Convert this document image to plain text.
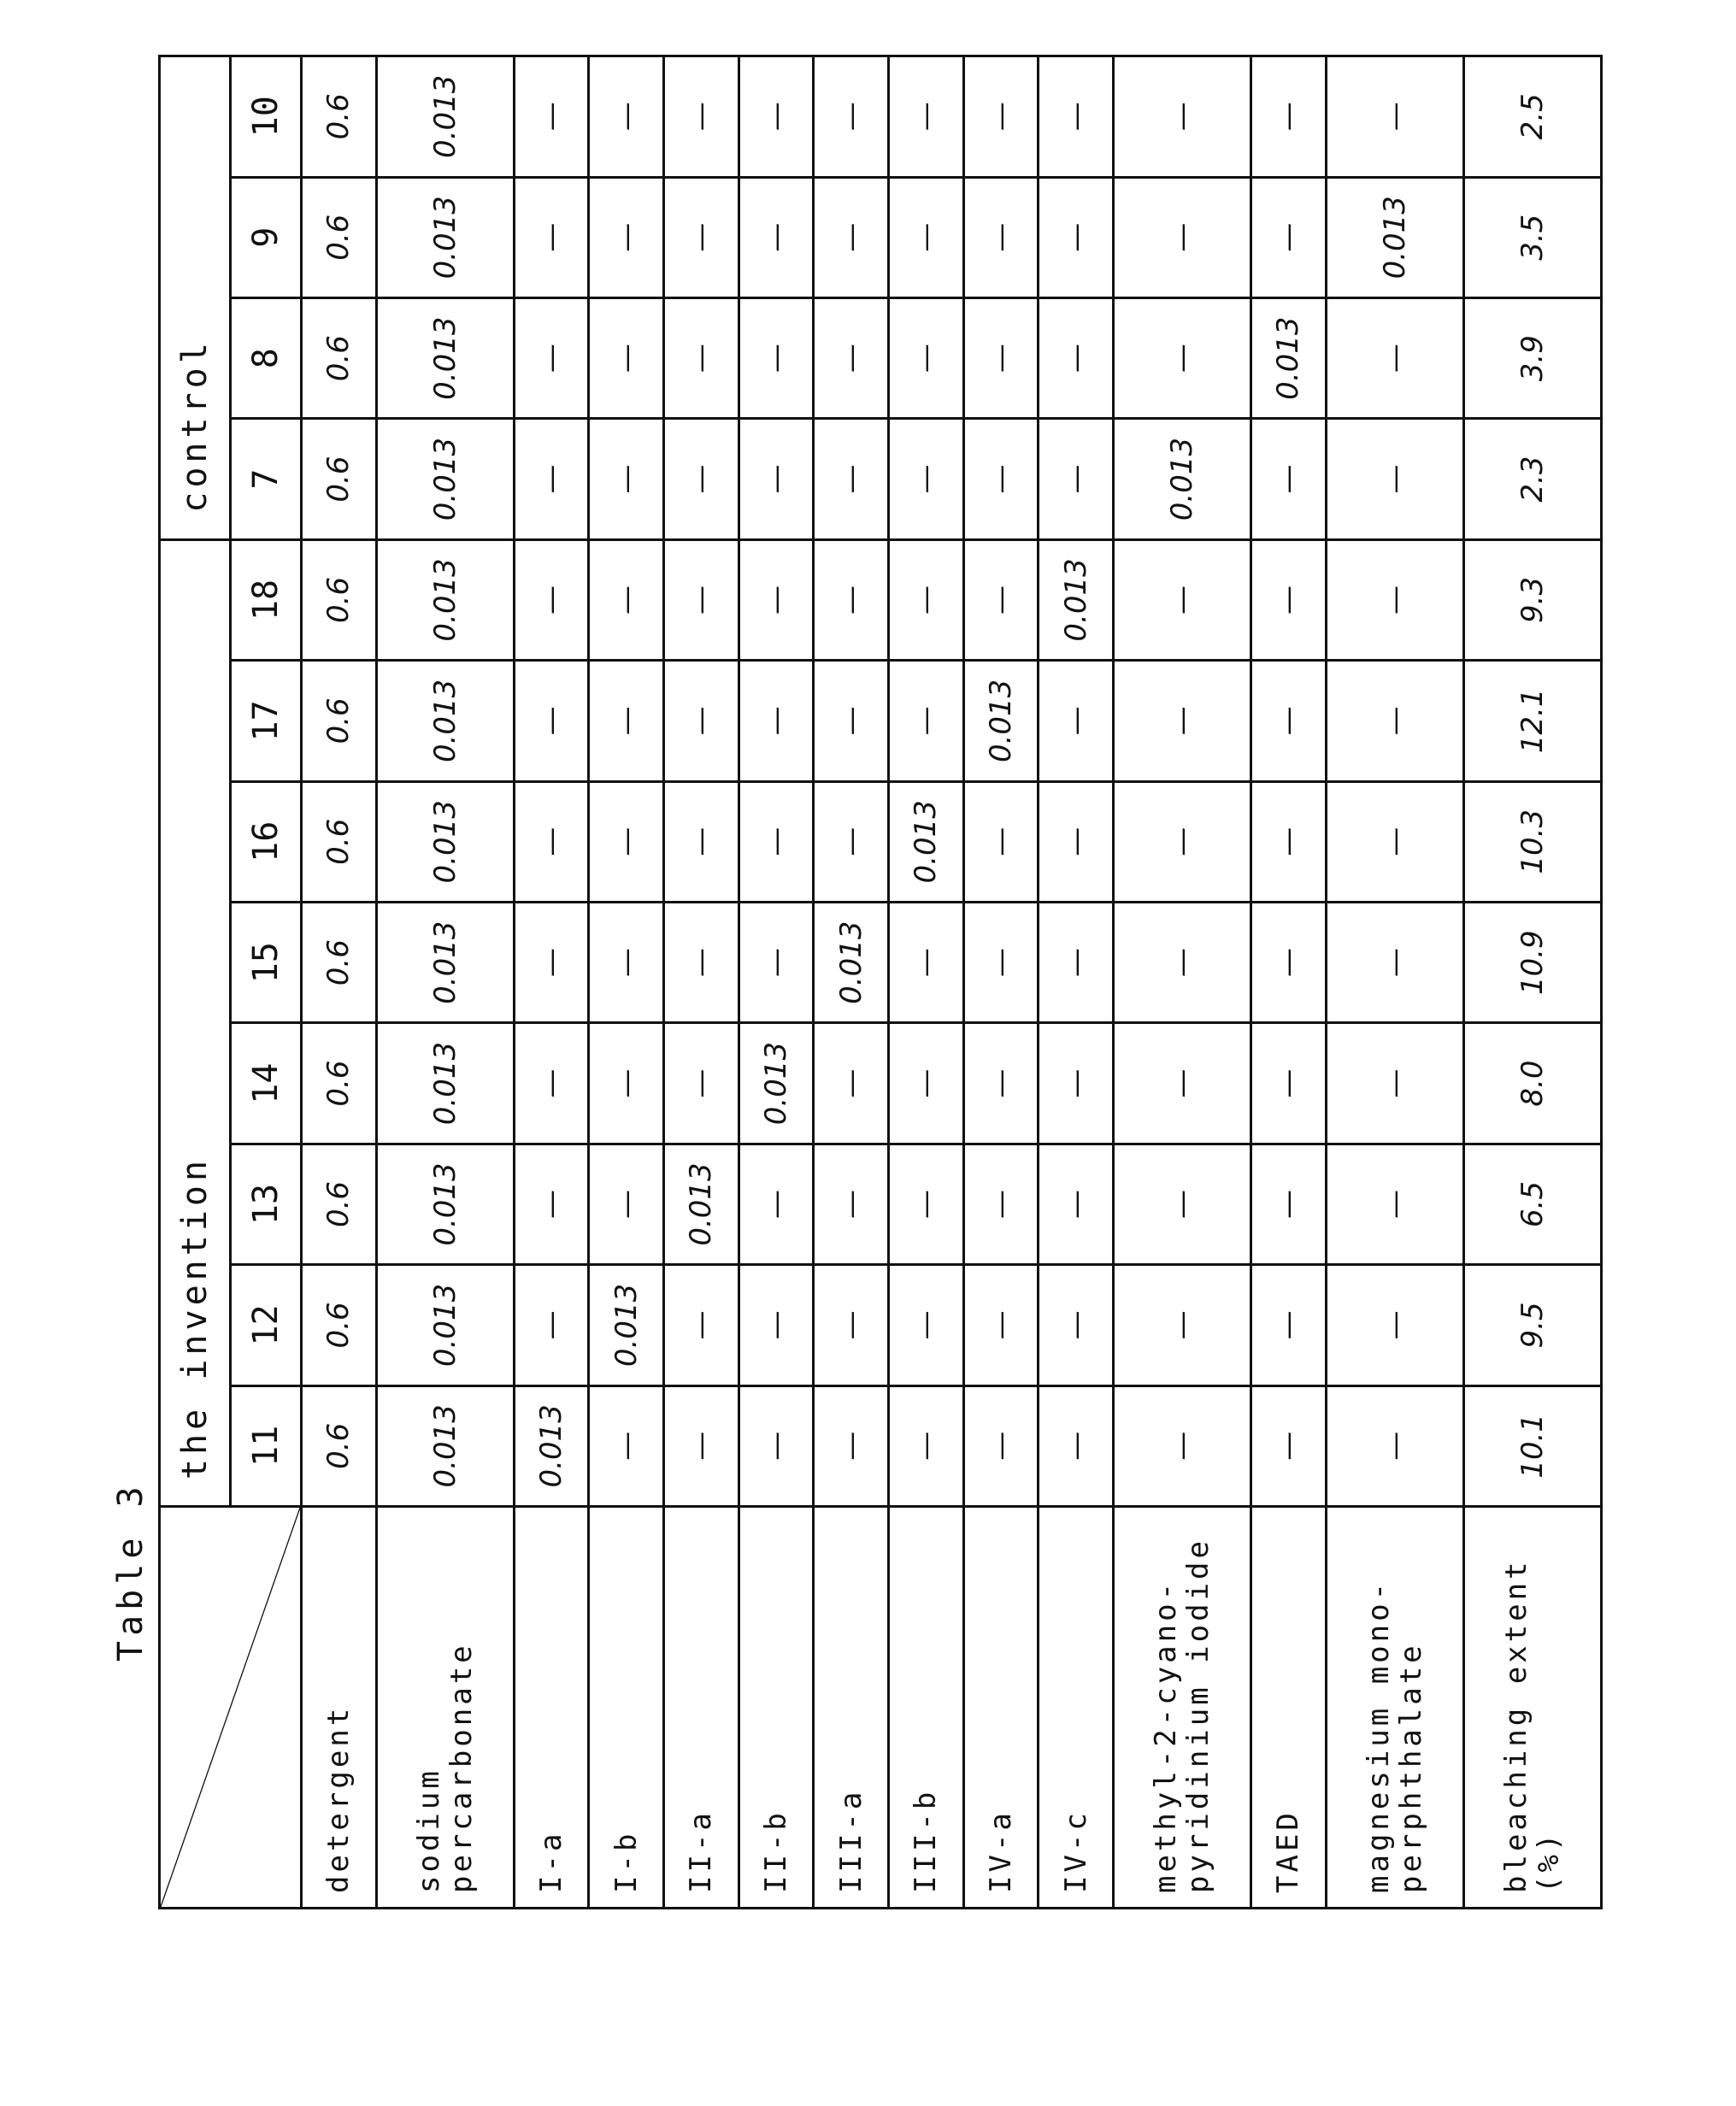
Table 3
	the invention								control			
	11	12	13	14	15	16	17	18	7	8	9	10
detergent	0.6	0.6	0.6	0.6	0.6	0.6	0.6	0.6	0.6	0.6	0.6	0.6
sodium percarbonate	0.013	0.013	0.013	0.013	0.013	0.013	0.013	0.013	0.013	0.013	0.013	0.013
I-a	0.013	—	—	—	—	—	—	—	—	—	—	—
I-b	—	0.013	—	—	—	—	—	—	—	—	—	—
II-a	—	—	0.013	—	—	—	—	—	—	—	—	—
II-b	—	—	—	0.013	—	—	—	—	—	—	—	—
III-a	—	—	—	—	0.013	—	—	—	—	—	—	—
III-b	—	—	—	—	—	0.013	—	—	—	—	—	—
IV-a	—	—	—	—	—	—	0.013	—	—	—	—	—
IV-c	—	—	—	—	—	—	—	0.013	—	—	—	—
methyl-2-cyano-pyridinium iodide	—	—	—	—	—	—	—	—	0.013	—	—	—
TAED	—	—	—	—	—	—	—	—	—	0.013	—	—
magnesium mono-perphthalate	—	—	—	—	—	—	—	—	—	—	0.013	—
bleaching extent (%)	10.1	9.5	6.5	8.0	10.9	10.3	12.1	9.3	2.3	3.9	3.5	2.5
